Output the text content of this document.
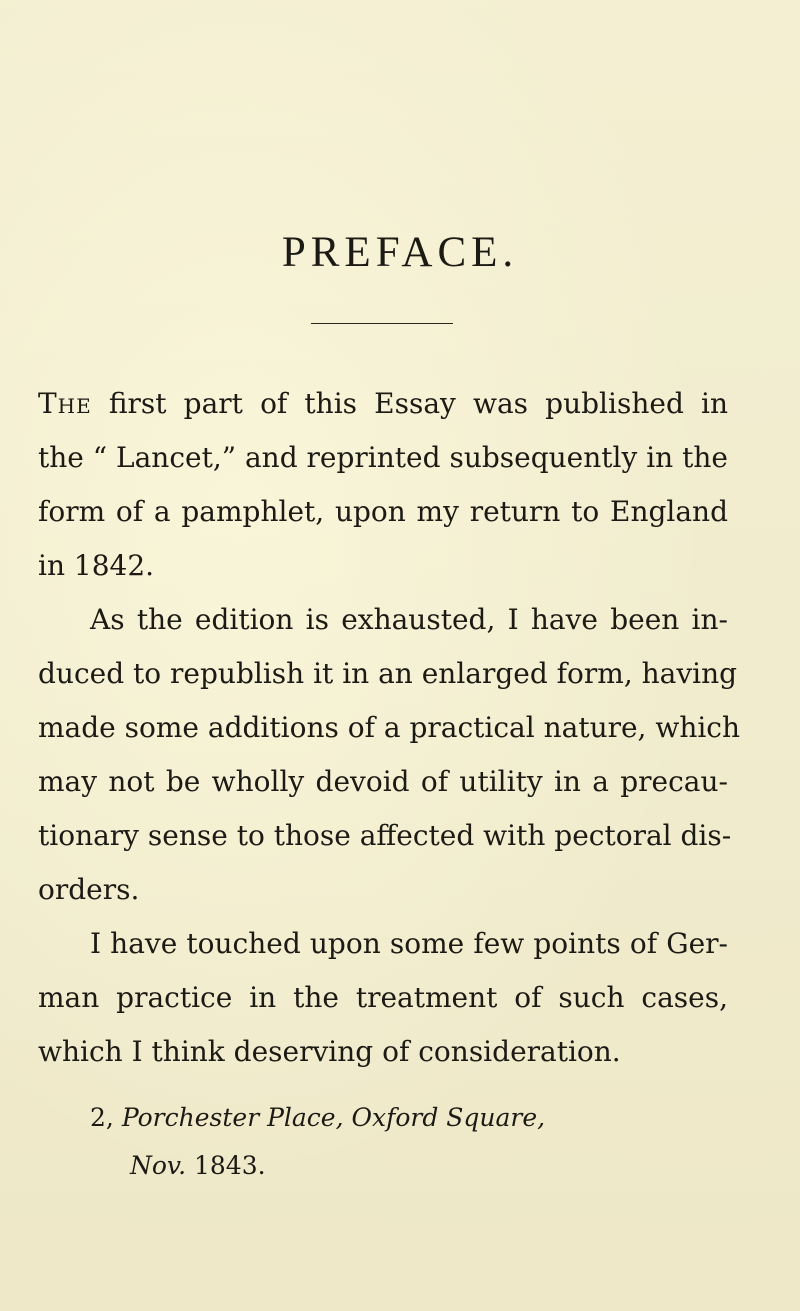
PREFACE.
The first part of this Essay was published in
the “ Lancet,” and reprinted subsequently in the
form of a pamphlet, upon my return to England
in 1842.
As the edition is exhausted, I have been in-
duced to republish it in an enlarged form, having
made some additions of a practical nature, which
may not be wholly devoid of utility in a precau-
tionary sense to those affected with pectoral dis-
orders.
I have touched upon some few points of Ger-
man practice in the treatment of such cases,
which I think deserving of consideration.
2, Porchester Place, Oxford Square,
Nov. 1843.
